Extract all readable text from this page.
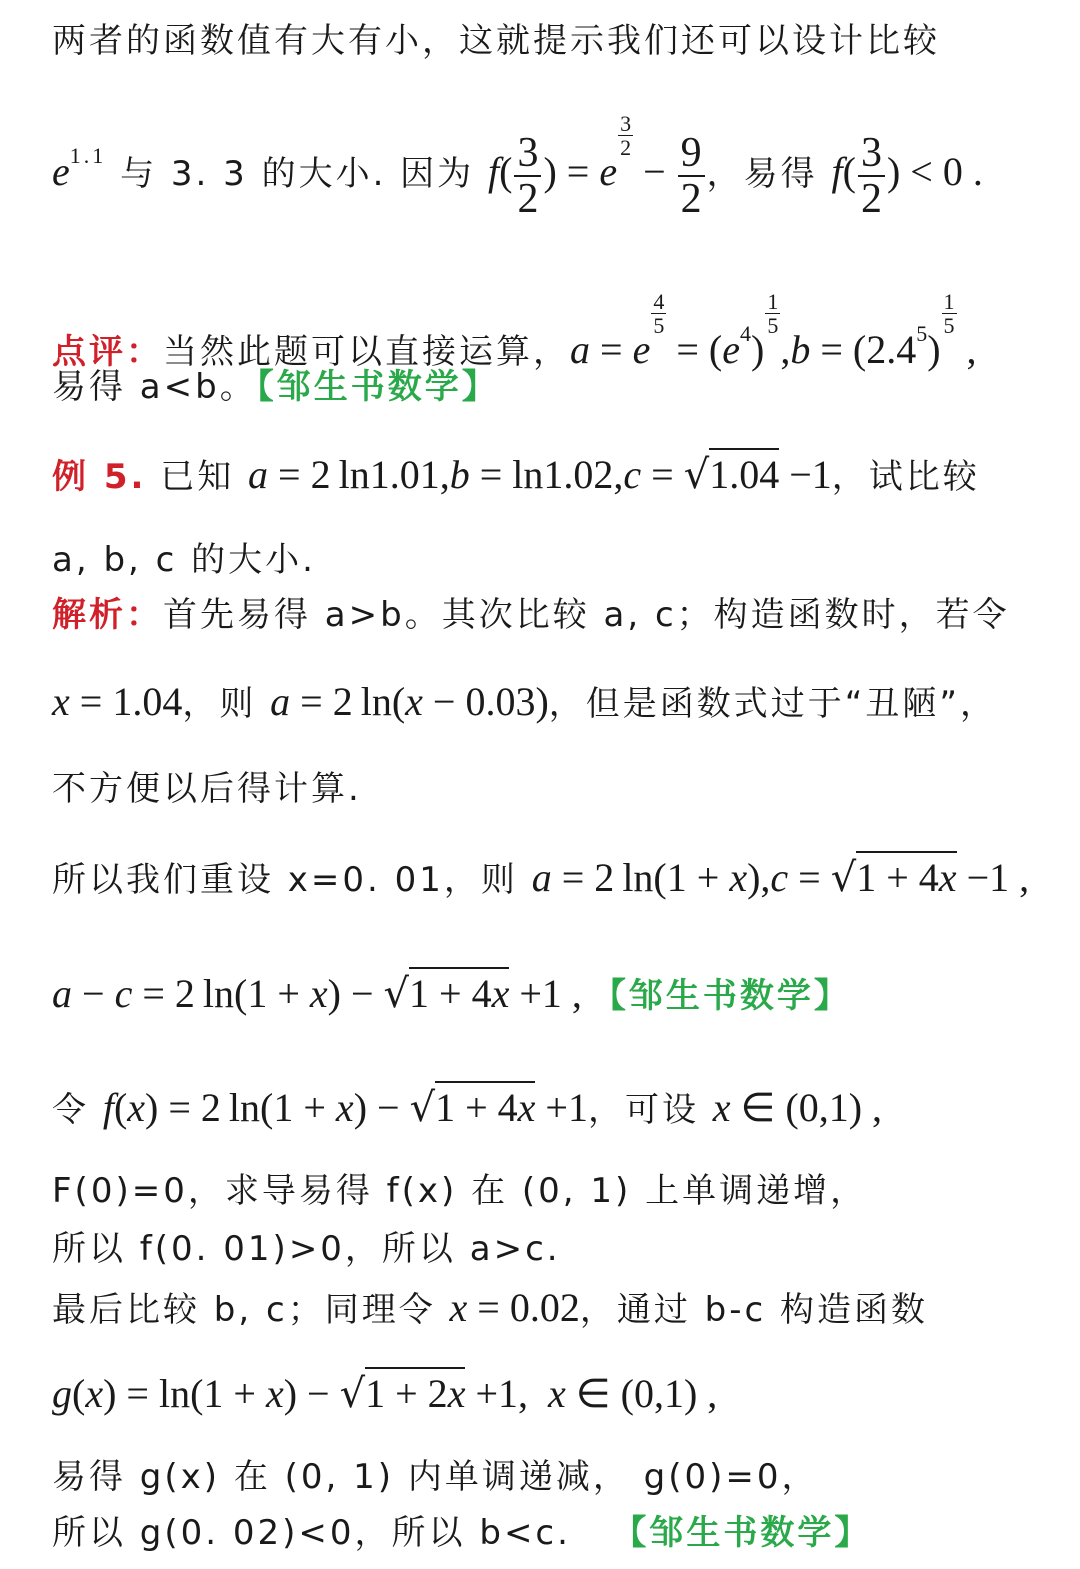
两者的函数值有大有小，这就提示我们还可以设计比较
$e^{1.1}$ 与 3. 3 的大小. 因为 $f( \frac{3}{2}$ ) = e
$\frac{3}{2}$
− $\frac{9}{2}$ ，易得 $f( \frac{3}{2}$ ) < 0 .
点评：当然此题可以直接运算，a = e
$\frac{4}{5}$
= $(e^4)$
$\frac{1}{5}$
$,b = (2.4^5)$
$\frac{1}{5}$
,
易得 a<b。【邹生书数学】
例 5. 已知 a = 2 ln1.01,b = ln1.02,c = √1.04 −1，试比较
a, b, c 的大小.
解析：首先易得 a>b。其次比较 a, c；构造函数时，若令
x = 1.04，则 a = 2 ln(x − 0.03)，但是函数式过于“丑陋”，
不方便以后得计算.
所以我们重设 x=0. 01，则 a = 2 ln(1 + x),c = √1 + 4x −1 ,
a − c = 2 ln(1 + x) − √1 + 4x +1 , 【邹生书数学】
令 f(x) = 2 ln(1 + x) − √1 + 4x +1，可设 x ∈ (0,1) ,
F(0)=0，求导易得 f(x) 在 (0, 1) 上单调递增，
所以 f(0. 01)>0，所以 a>c.
最后比较 b, c；同理令 x = 0.02，通过 b-c 构造函数
g(x) = ln(1 + x) − √1 + 2x +1,  x ∈ (0,1) ,
易得 g(x) 在 (0, 1) 内单调递减， g(0)=0，
所以 g(0. 02)<0，所以 b<c.   【邹生书数学】
